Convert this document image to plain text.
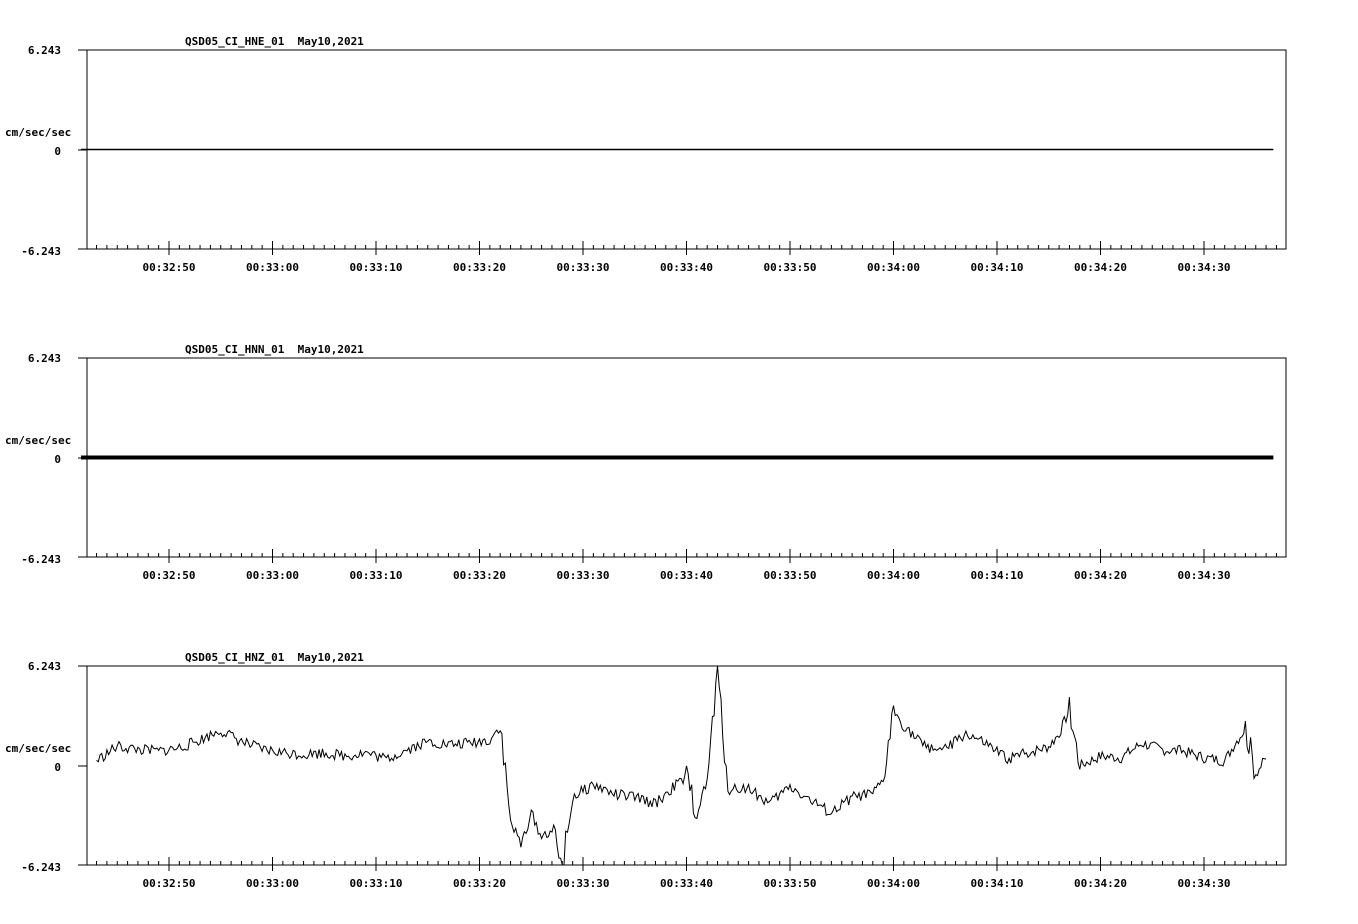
QSD05_CI_HNE_01  May10,2021
cm/sec/sec
6.243
0
-6.243
00:32:50	00:33:00	00:33:10	00:33:20	00:33:30	00:33:40	00:33:50	00:34:00	00:34:10	00:34:20	00:34:30
QSD05_CI_HNN_01  May10,2021
cm/sec/sec
6.243
0
-6.243
00:32:50	00:33:00	00:33:10	00:33:20	00:33:30	00:33:40	00:33:50	00:34:00	00:34:10	00:34:20	00:34:30
QSD05_CI_HNZ_01  May10,2021
cm/sec/sec
6.243
0
-6.243
00:32:50	00:33:00	00:33:10	00:33:20	00:33:30	00:33:40	00:33:50	00:34:00	00:34:10	00:34:20	00:34:30
